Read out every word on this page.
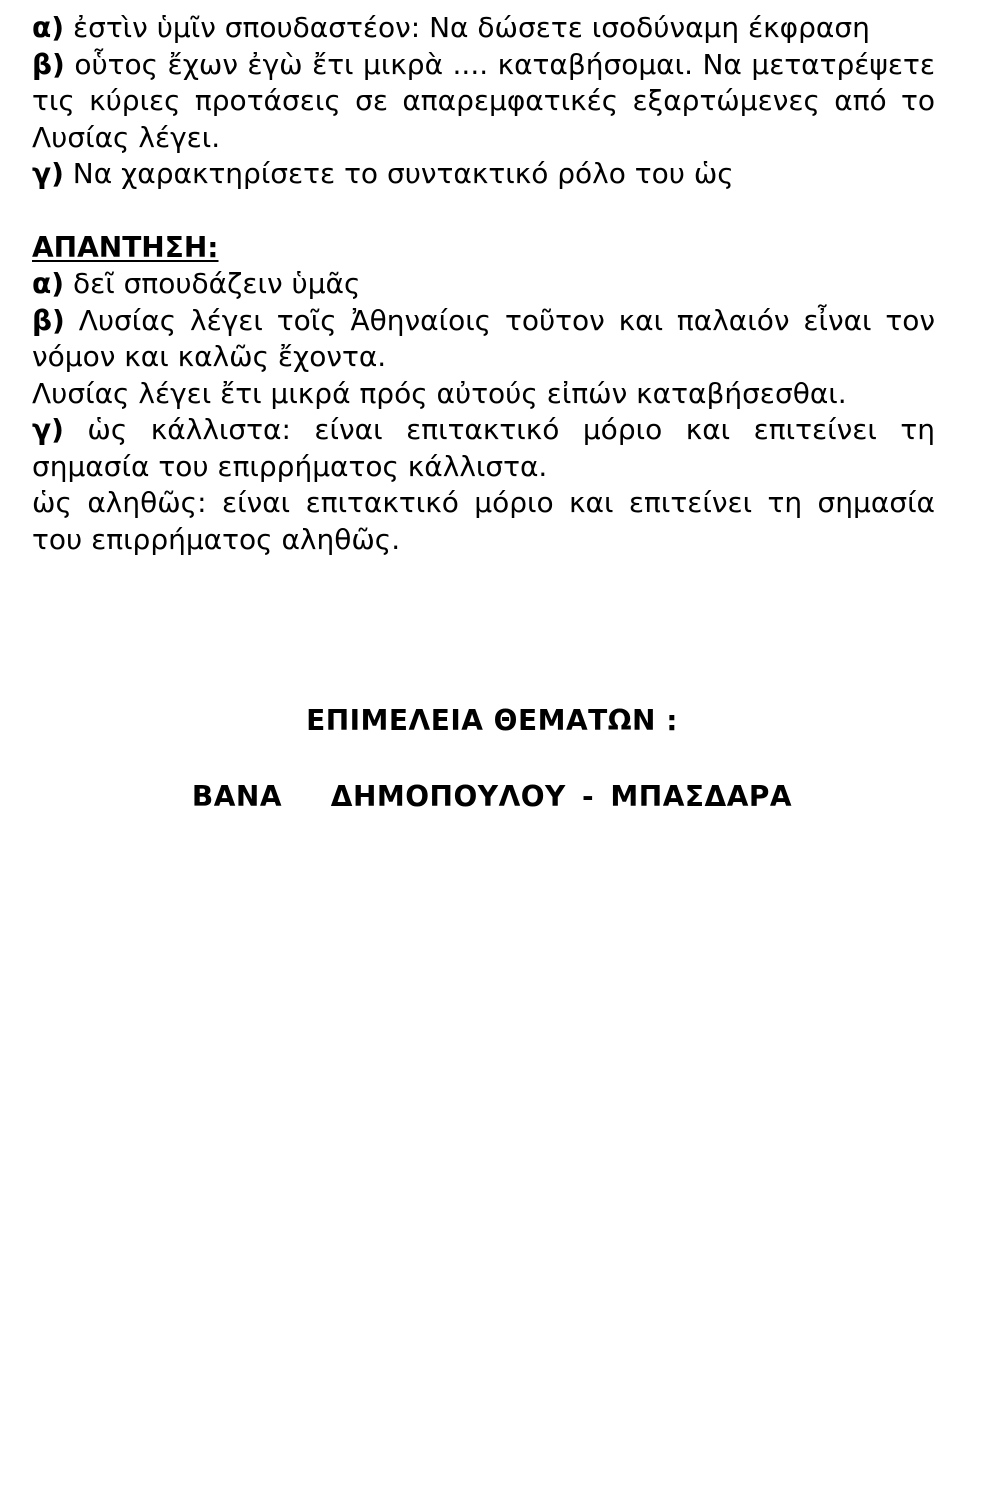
α) ἐστὶν ὑμῖν σπουδαστέον: Να δώσετε ισοδύναμη έκφραση

β) οὗτος ἔχων ἐγὼ ἔτι μικρὰ .... καταβήσομαι. Να μετατρέψετε τις κύριες προτάσεις σε απαρεμφατικές εξαρτώμενες από το Λυσίας λέγει.

γ) Να χαρακτηρίσετε το συντακτικό ρόλο του ὡς

ΑΠΑΝΤΗΣΗ:

α) δεῖ σπουδάζειν ὑμᾶς

β) Λυσίας λέγει τοῖς Ἀθηναίοις τοῦτον και παλαιόν εἶναι τον νόμον και καλῶς ἔχοντα.

Λυσίας λέγει ἔτι μικρά πρός αὐτούς εἰπών καταβήσεσθαι.

γ) ὡς κάλλιστα: είναι επιτακτικό μόριο και επιτείνει τη σημασία του επιρρήματος κάλλιστα.

ὡς αληθῶς: είναι επιτακτικό μόριο και επιτείνει τη σημασία του επιρρήματος αληθῶς.

ΕΠΙΜΕΛΕΙΑ ΘΕΜΑΤΩΝ :
ΒΑΝΑ   ΔΗΜΟΠΟΥΛΟΥ - ΜΠΑΣΔΑΡΑ
